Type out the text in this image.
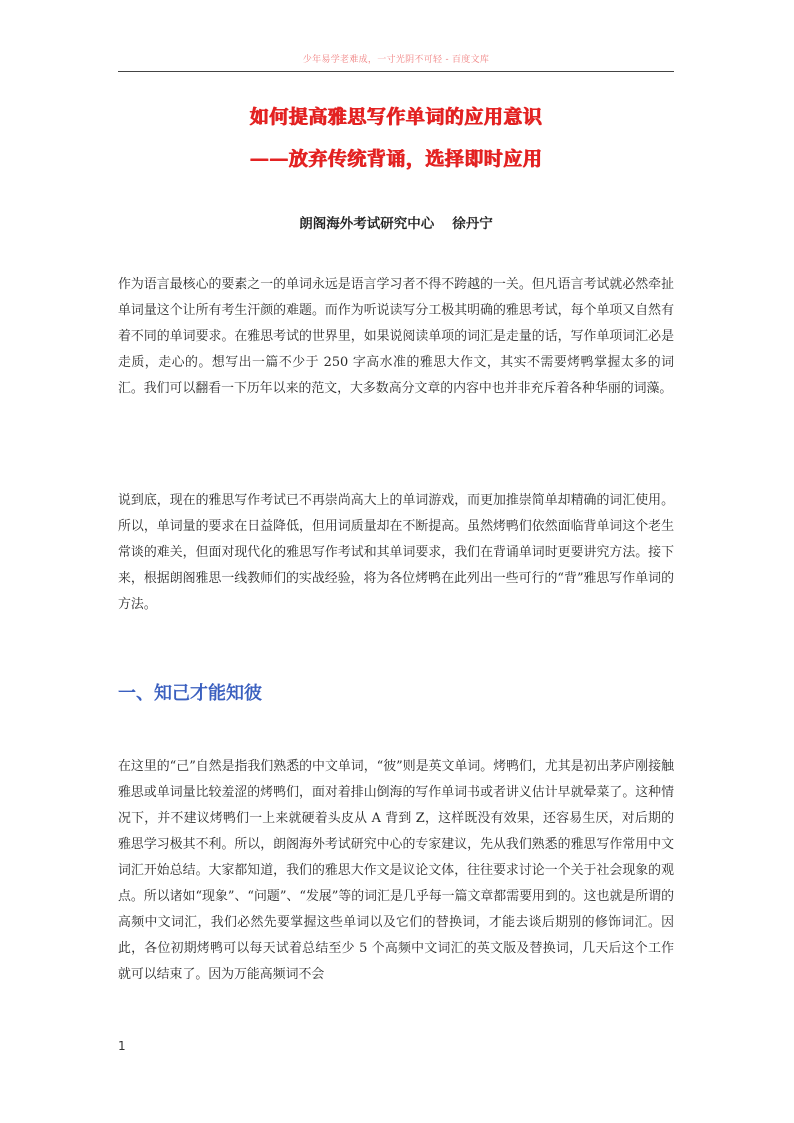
少年易学老难成，一寸光阴不可轻 - 百度文库
如何提高雅思写作单词的应用意识
——放弃传统背诵，选择即时应用
朗阁海外考试研究中心 徐丹宁

作为语言最核心的要素之一的单词永远是语言学习者不得不跨越的一关。但凡语言考试就必然牵扯单词量这个让所有考生汗颜的难题。而作为听说读写分工极其明确的雅思考试，每个单项又自然有着不同的单词要求。在雅思考试的世界里，如果说阅读单项的词汇是走量的话，写作单项词汇必是走质，走心的。想写出一篇不少于 250 字高水准的雅思大作文，其实不需要烤鸭掌握太多的词汇。我们可以翻看一下历年以来的范文，大多数高分文章的内容中也并非充斥着各种华丽的词藻。

说到底，现在的雅思写作考试已不再崇尚高大上的单词游戏，而更加推崇简单却精确的词汇使用。所以，单词量的要求在日益降低，但用词质量却在不断提高。虽然烤鸭们依然面临背单词这个老生常谈的难关，但面对现代化的雅思写作考试和其单词要求，我们在背诵单词时更要讲究方法。接下来，根据朗阁雅思一线教师们的实战经验，将为各位烤鸭在此列出一些可行的“背”雅思写作单词的方法。

一、知己才能知彼

在这里的“己”自然是指我们熟悉的中文单词，“彼”则是英文单词。烤鸭们，尤其是初出茅庐刚接触雅思或单词量比较羞涩的烤鸭们，面对着排山倒海的写作单词书或者讲义估计早就晕菜了。这种情况下，并不建议烤鸭们一上来就硬着头皮从 A 背到 Z，这样既没有效果，还容易生厌，对后期的雅思学习极其不利。所以，朗阁海外考试研究中心的专家建议，先从我们熟悉的雅思写作常用中文词汇开始总结。大家都知道，我们的雅思大作文是议论文体，往往要求讨论一个关于社会现象的观点。所以诸如“现象”、“问题”、“发展”等的词汇是几乎每一篇文章都需要用到的。这也就是所谓的高频中文词汇，我们必然先要掌握这些单词以及它们的替换词，才能去谈后期别的修饰词汇。因此，各位初期烤鸭可以每天试着总结至少 5 个高频中文词汇的英文版及替换词，几天后这个工作就可以结束了。因为万能高频词不会

1
